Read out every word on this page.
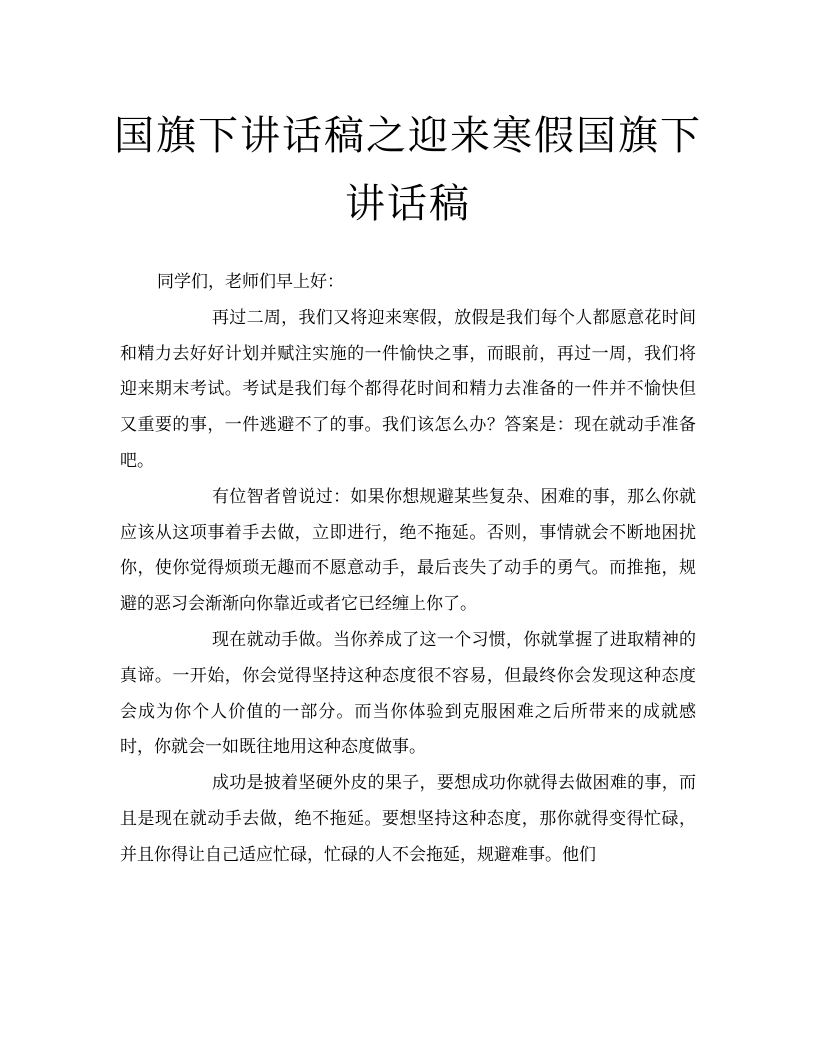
国旗下讲话稿之迎来寒假国旗下讲话稿

同学们，老师们早上好：

再过二周，我们又将迎来寒假，放假是我们每个人都愿意花时间和精力去好好计划并赋注实施的一件愉快之事，而眼前，再过一周，我们将迎来期末考试。考试是我们每个都得花时间和精力去准备的一件并不愉快但又重要的事，一件逃避不了的事。我们该怎么办？答案是：现在就动手准备吧。

有位智者曾说过：如果你想规避某些复杂、困难的事，那么你就应该从这项事着手去做，立即进行，绝不拖延。否则，事情就会不断地困扰你，使你觉得烦琐无趣而不愿意动手，最后丧失了动手的勇气。而推拖，规避的恶习会渐渐向你靠近或者它已经缠上你了。

现在就动手做。当你养成了这一个习惯，你就掌握了进取精神的真谛。一开始，你会觉得坚持这种态度很不容易，但最终你会发现这种态度会成为你个人价值的一部分。而当你体验到克服困难之后所带来的成就感时，你就会一如既往地用这种态度做事。

成功是披着坚硬外皮的果子，要想成功你就得去做困难的事，而且是现在就动手去做，绝不拖延。要想坚持这种态度，那你就得变得忙碌，并且你得让自己适应忙碌，忙碌的人不会拖延，规避难事。他们
